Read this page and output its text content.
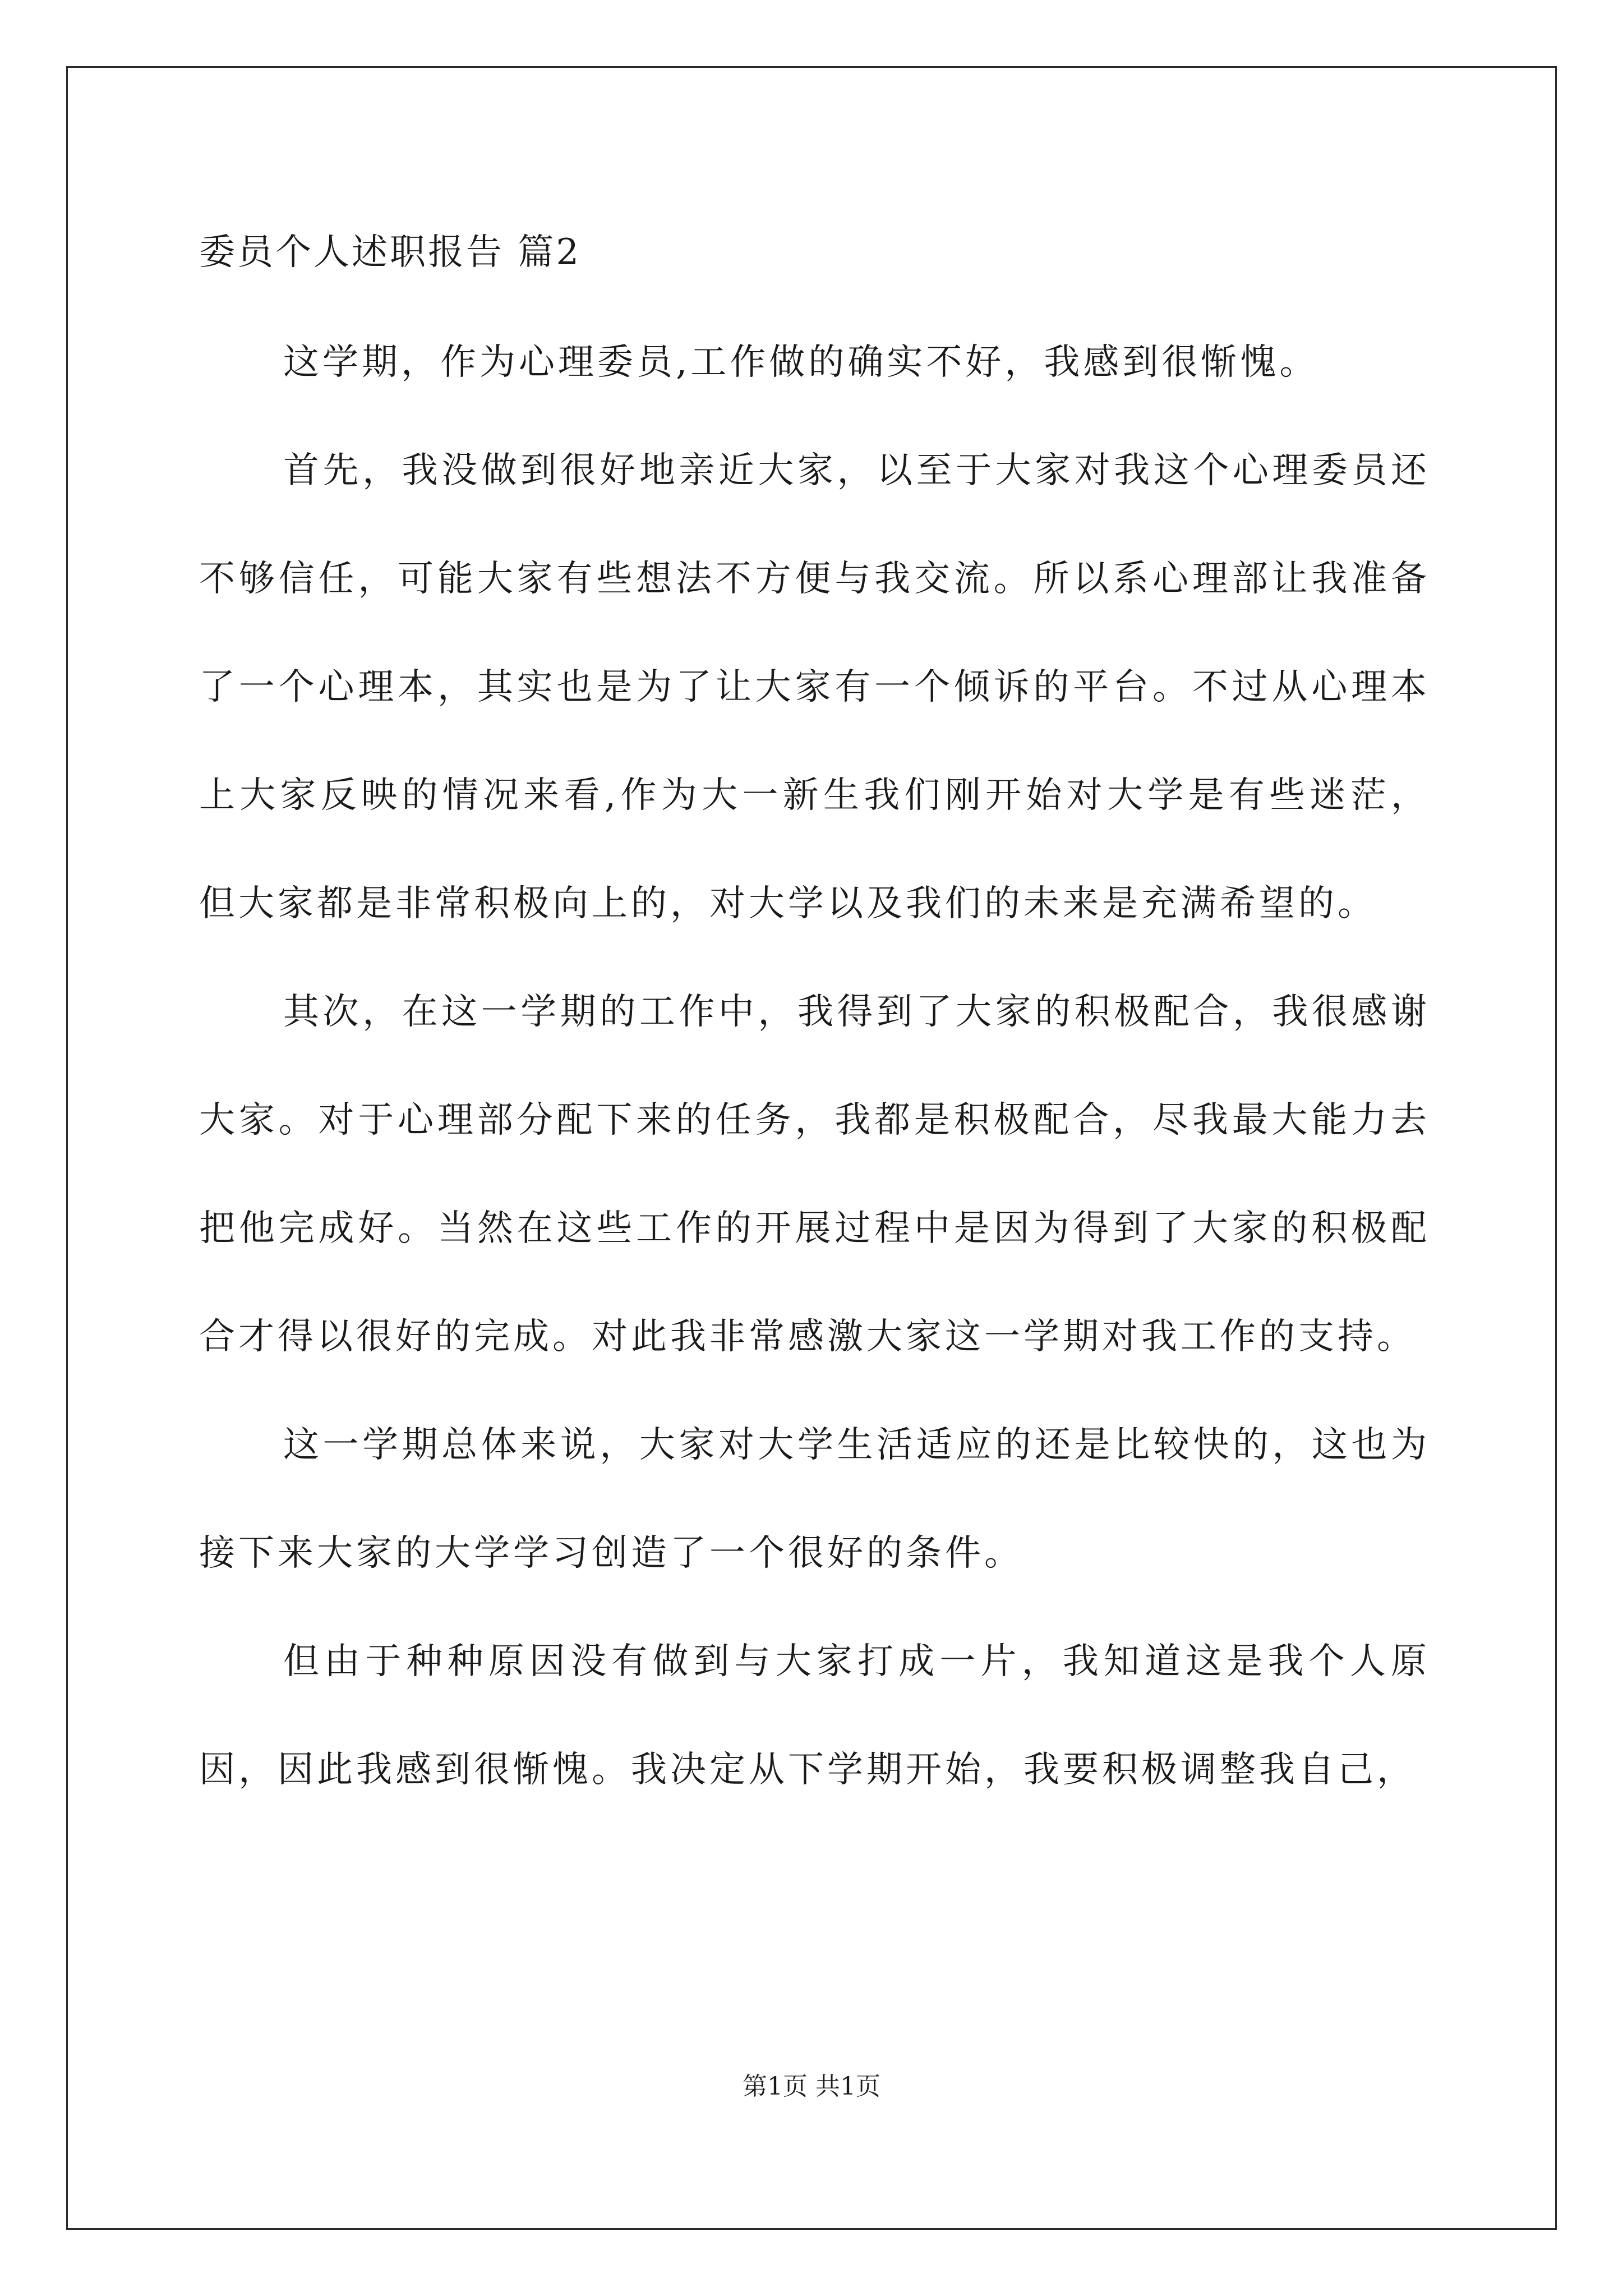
委员个人述职报告 篇2

这学期，作为心理委员,工作做的确实不好，我感到很惭愧。

首先，我没做到很好地亲近大家，以至于大家对我这个心理委员还不够信任，可能大家有些想法不方便与我交流。所以系心理部让我准备了一个心理本，其实也是为了让大家有一个倾诉的平台。不过从心理本上大家反映的情况来看,作为大一新生我们刚开始对大学是有些迷茫，但大家都是非常积极向上的，对大学以及我们的未来是充满希望的。

其次，在这一学期的工作中，我得到了大家的积极配合，我很感谢大家。对于心理部分配下来的任务，我都是积极配合，尽我最大能力去把他完成好。当然在这些工作的开展过程中是因为得到了大家的积极配合才得以很好的完成。对此我非常感激大家这一学期对我工作的支持。

这一学期总体来说，大家对大学生活适应的还是比较快的，这也为接下来大家的大学学习创造了一个很好的条件。

但由于种种原因没有做到与大家打成一片，我知道这是我个人原因，因此我感到很惭愧。我决定从下学期开始，我要积极调整我自己，

第1页 共1页
